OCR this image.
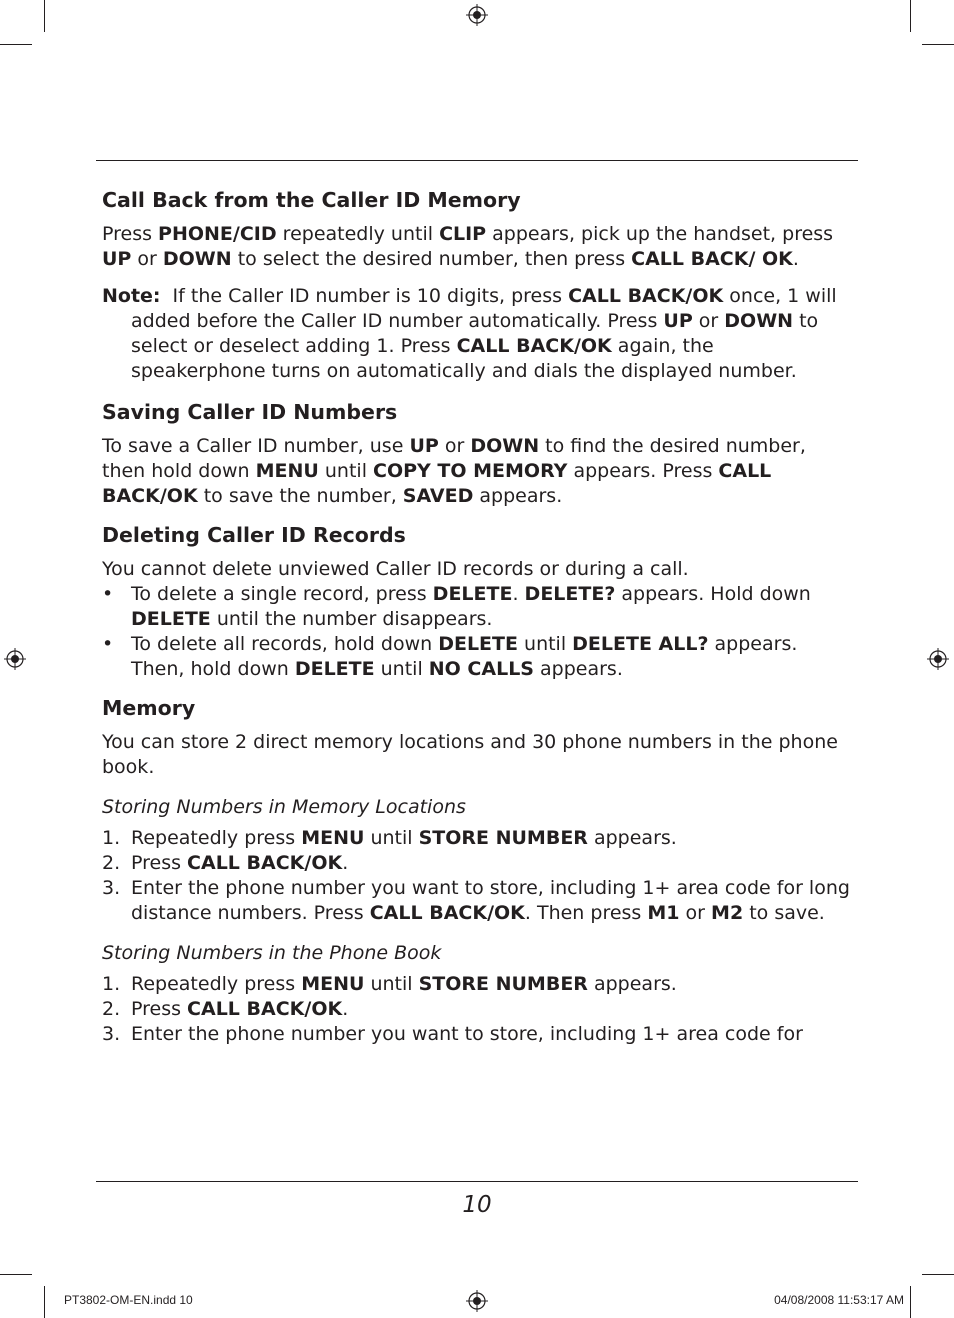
Call Back from the Caller ID Memory

Press PHONE/CID repeatedly until CLIP appears, pick up the handset, press UP or DOWN to select the desired number, then press CALL BACK/ OK.

Note: If the Caller ID number is 10 digits, press CALL BACK/OK once, 1 will added before the Caller ID number automatically. Press UP or DOWN to select or deselect adding 1. Press CALL BACK/OK again, the speakerphone turns on automatically and dials the displayed number.
Saving Caller ID Numbers

To save a Caller ID number, use UP or DOWN to find the desired number, then hold down MENU until COPY TO MEMORY appears. Press CALL BACK/OK to save the number, SAVED appears.

Deleting Caller ID Records

You cannot delete unviewed Caller ID records or during a call.

• To delete a single record, press DELETE. DELETE? appears. Hold down DELETE until the number disappears.
• To delete all records, hold down DELETE until DELETE ALL? appears. Then, hold down DELETE until NO CALLS appears.
Memory

You can store 2 direct memory locations and 30 phone numbers in the phone book.

Storing Numbers in Memory Locations
1. Repeatedly press MENU until STORE NUMBER appears.
2. Press CALL BACK/OK.
3. Enter the phone number you want to store, including 1+ area code for long distance numbers. Press CALL BACK/OK. Then press M1 or M2 to save.
Storing Numbers in the Phone Book
1. Repeatedly press MENU until STORE NUMBER appears.
2. Press CALL BACK/OK.
3. Enter the phone number you want to store, including 1+ area code for
10
PT3802-OM-EN.indd 10	04/08/2008 11:53:17 AM
